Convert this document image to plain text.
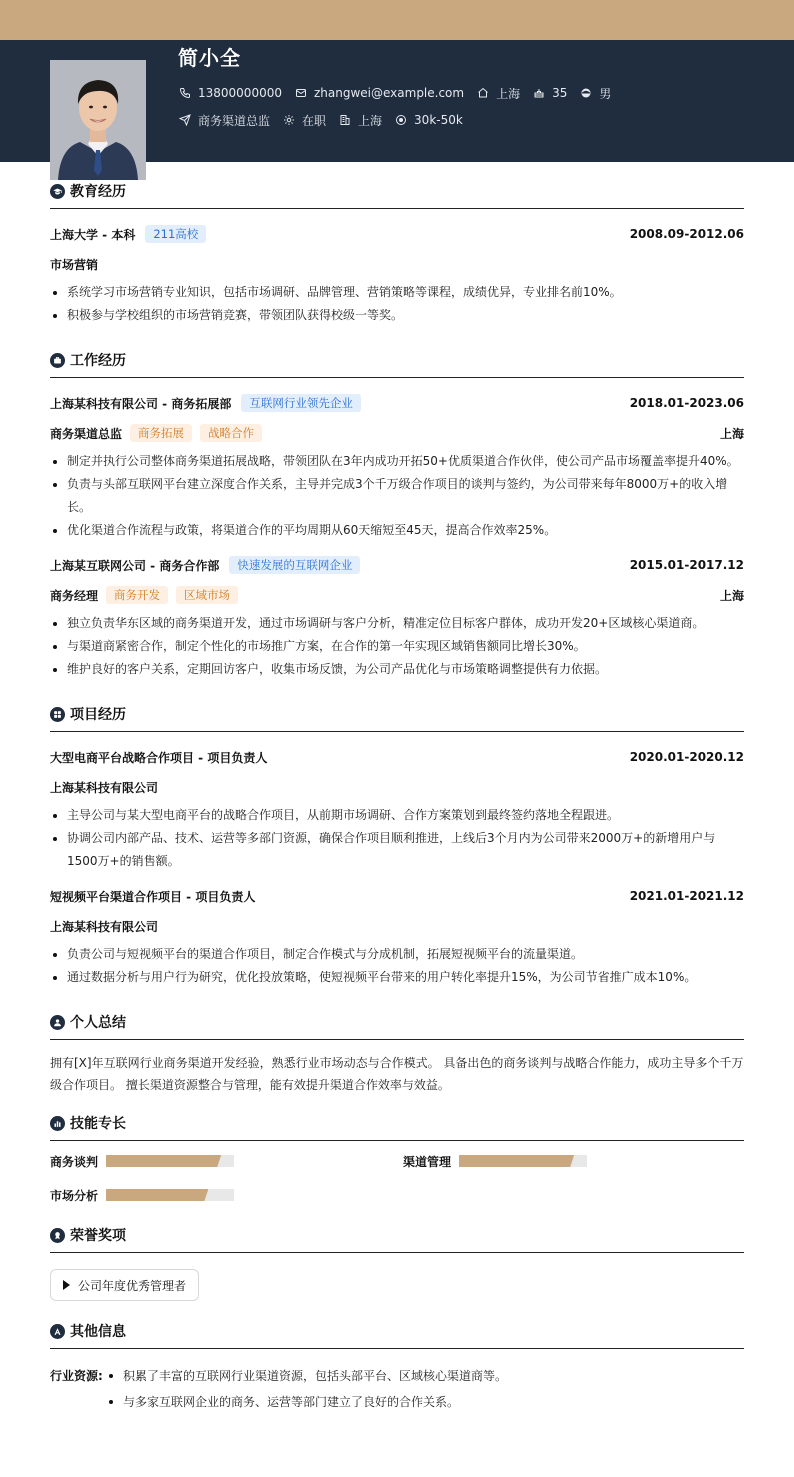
简小全
13800000000	zhangwei@example.com	上海	35	男
商务渠道总监	在职	上海	30k-50k
教育经历
上海大学 - 本科	211高校	2008.09-2012.06
市场营销
系统学习市场营销专业知识，包括市场调研、品牌管理、营销策略等课程，成绩优异，专业排名前10%。
积极参与学校组织的市场营销竞赛，带领团队获得校级一等奖。
工作经历
上海某科技有限公司 - 商务拓展部	互联网行业领先企业	2018.01-2023.06
商务渠道总监	商务拓展	战略合作	上海
制定并执行公司整体商务渠道拓展战略，带领团队在3年内成功开拓50+优质渠道合作伙伴，使公司产品市场覆盖率提升40%。
负责与头部互联网平台建立深度合作关系，主导并完成3个千万级合作项目的谈判与签约，为公司带来每年8000万+的收入增长。
优化渠道合作流程与政策，将渠道合作的平均周期从60天缩短至45天，提高合作效率25%。
上海某互联网公司 - 商务合作部	快速发展的互联网企业	2015.01-2017.12
商务经理	商务开发	区域市场	上海
独立负责华东区域的商务渠道开发，通过市场调研与客户分析，精准定位目标客户群体，成功开发20+区域核心渠道商。
与渠道商紧密合作，制定个性化的市场推广方案，在合作的第一年实现区域销售额同比增长30%。
维护良好的客户关系，定期回访客户，收集市场反馈，为公司产品优化与市场策略调整提供有力依据。
项目经历
大型电商平台战略合作项目 - 项目负责人	2020.01-2020.12
上海某科技有限公司
主导公司与某大型电商平台的战略合作项目，从前期市场调研、合作方案策划到最终签约落地全程跟进。
协调公司内部产品、技术、运营等多部门资源，确保合作项目顺利推进，上线后3个月内为公司带来2000万+的新增用户与1500万+的销售额。
短视频平台渠道合作项目 - 项目负责人	2021.01-2021.12
上海某科技有限公司
负责公司与短视频平台的渠道合作项目，制定合作模式与分成机制，拓展短视频平台的流量渠道。
通过数据分析与用户行为研究，优化投放策略，使短视频平台带来的用户转化率提升15%，为公司节省推广成本10%。
个人总结
拥有[X]年互联网行业商务渠道开发经验，熟悉行业市场动态与合作模式。 具备出色的商务谈判与战略合作能力，成功主导多个千万级合作项目。 擅长渠道资源整合与管理，能有效提升渠道合作效率与效益。
技能专长
商务谈判	渠道管理
市场分析
荣誉奖项
公司年度优秀管理者
其他信息
行业资源:	积累了丰富的互联网行业渠道资源，包括头部平台、区域核心渠道商等。
与多家互联网企业的商务、运营等部门建立了良好的合作关系。
